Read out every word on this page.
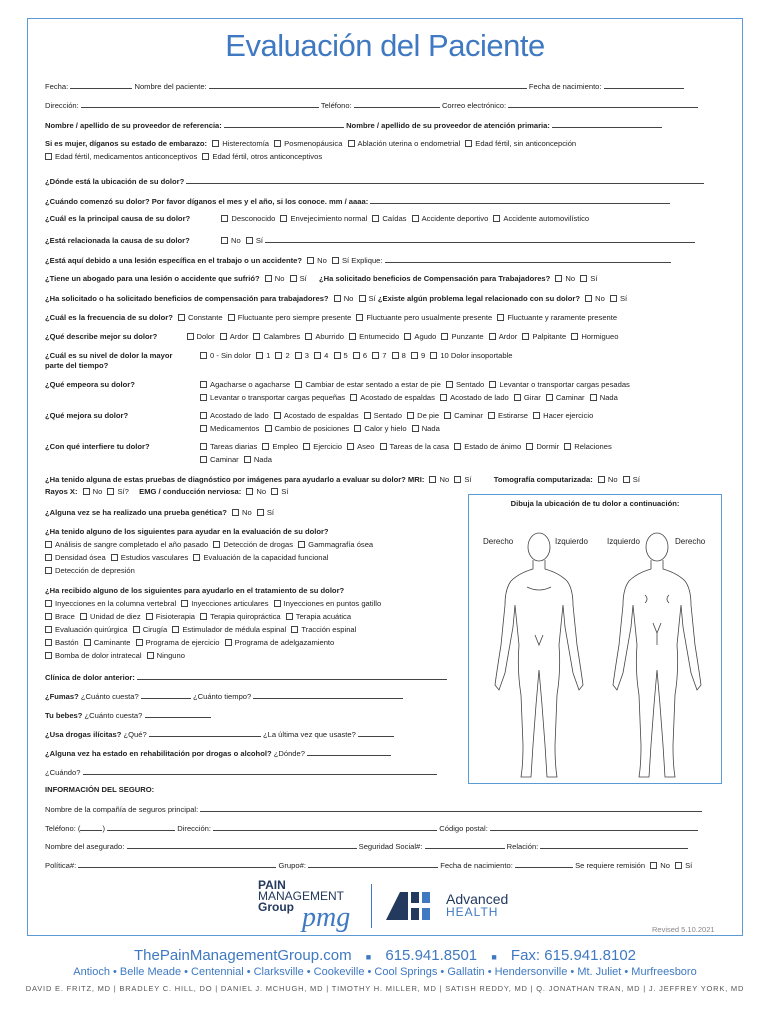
Evaluación del Paciente
Fecha:	Nombre del paciente:	Fecha de nacimiento:
Dirección:	Teléfono:	Correo electrónico:
Nombre / apellido de su proveedor de referencia:	Nombre / apellido de su proveedor de atención primaria:
Si es mujer, díganos su estado de embarazo: Histerectomía Posmenopáusica Ablación uterina o endometrial Edad fértil, sin anticoncepción
Edad fértil, medicamentos anticonceptivos Edad fértil, otros anticonceptivos
¿Dónde está la ubicación de su dolor?
¿Cuándo comenzó su dolor? Por favor díganos el mes y el año, si los conoce. mm / aaaa:
¿Cuál es la principal causa de su dolor?	Desconocido Envejecimiento normal Caídas Accidente deportivo Accidente automovilístico
¿Está relacionada la causa de su dolor?	No Sí
¿Está aquí debido a una lesión específica en el trabajo o un accidente? No Sí Explique:
¿Tiene un abogado para una lesión o accidente que sufrió? No Sí ¿Ha solicitado beneficios de Compensación para Trabajadores? No Sí
¿Ha solicitado o ha solicitado beneficios de compensación para trabajadores? No Sí ¿Existe algún problema legal relacionado con su dolor? No Sí
¿Cuál es la frecuencia de su dolor? Constante Fluctuante pero siempre presente Fluctuante pero usualmente presente Fluctuante y raramente presente
¿Qué describe mejor su dolor?	Dolor Ardor Calambres Aburrido Entumecido Agudo Punzante Ardor Palpitante Hormigueo
¿Cuál es su nivel de dolor la mayor
parte del tiempo?
0 - Sin dolor 1 2 3 4 5 6 7 8 9 10 Dolor insoportable
¿Qué empeora su dolor?	Agacharse o agacharse Cambiar de estar sentado a estar de pie Sentado Levantar o transportar cargas pesadas
Levantar o transportar cargas pequeñas Acostado de espaldas Acostado de lado Girar Caminar Nada
¿Qué mejora su dolor?	Acostado de lado Acostado de espaldas Sentado De pie Caminar Estirarse Hacer ejercicio
Medicamentos Cambio de posiciones Calor y hielo Nada
¿Con qué interfiere tu dolor?	Tareas diarias Empleo Ejercicio Aseo Tareas de la casa Estado de ánimo Dormir Relaciones
Caminar Nada
¿Ha tenido alguna de estas pruebas de diagnóstico por imágenes para ayudarlo a evaluar su dolor? MRI: No Sí	Tomografía computarizada: No Sí
Rayos X: No Sí? EMG / conducción nerviosa: No Sí
¿Alguna vez se ha realizado una prueba genética? No Sí
¿Ha tenido alguno de los siguientes para ayudar en la evaluación de su dolor?
Análisis de sangre completado el año pasado Detección de drogas Gammagrafía ósea
Densidad ósea Estudios vasculares Evaluación de la capacidad funcional
Detección de depresión
¿Ha recibido alguno de los siguientes para ayudarlo en el tratamiento de su dolor?
Inyecciones en la columna vertebral Inyecciones articulares Inyecciones en puntos gatillo
Brace Unidad de diez Fisioterapia Terapia quiropráctica Terapia acuática
Evaluación quirúrgica Cirugía Estimulador de médula espinal Tracción espinal
Bastón Caminante Programa de ejercicio Programa de adelgazamiento
Bomba de dolor intratecal Ninguno
Clínica de dolor anterior:
¿Fumas? ¿Cuánto cuesta?	¿Cuánto tiempo?
Tu bebes? ¿Cuánto cuesta?
¿Usa drogas ilícitas? ¿Qué?	¿La última vez que usaste?
¿Alguna vez ha estado en rehabilitación por drogas o alcohol? ¿Dónde?
¿Cuándo?
INFORMACIÓN DEL SEGURO:
Nombre de la compañía de seguros principal:
Teléfono: (	)	Dirección:	Código postal:
Nombre del asegurado:	Seguridad Social#:	Relación:
Política#:	Grupo#:	Fecha de nacimiento:	Se requiere remisión No Sí
Dibuja la ubicación de tu dolor a continuación:
Derecho	Izquierdo Izquierdo	Derecho
PAIN
MANAGEMENT
Group pmg
Advanced
HEALTH
Revised 5.10.2021
ThePainManagementGroup.com ■ 615.941.8501 ■ Fax: 615.941.8102
Antioch • Belle Meade • Centennial • Clarksville • Cookeville • Cool Springs • Gallatin • Hendersonville • Mt. Juliet • Murfreesboro
DAVID E. FRITZ, MD | BRADLEY C. HILL, DO | DANIEL J. MCHUGH, MD | TIMOTHY H. MILLER, MD | SATISH REDDY, MD | Q. JONATHAN TRAN, MD | J. JEFFREY YORK, MD
